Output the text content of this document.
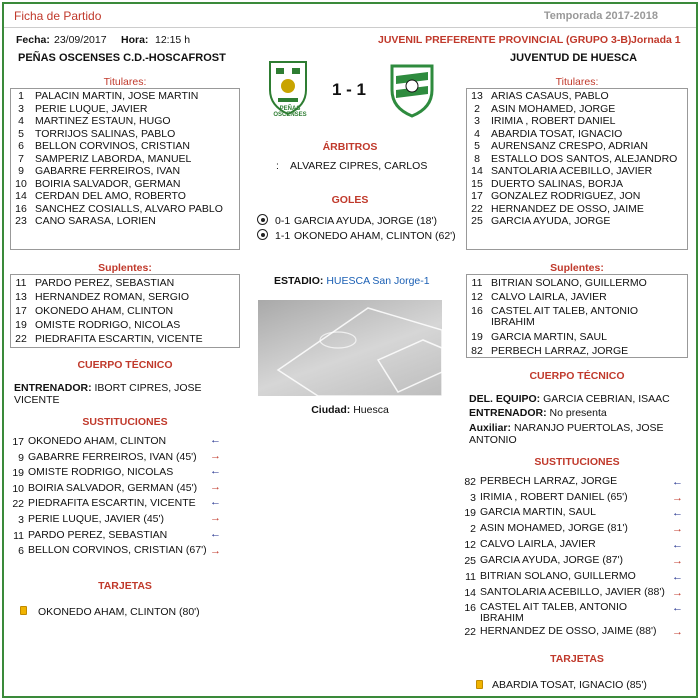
Ficha de Partido	Temporada 2017-2018
Fecha: 23/09/2017 Hora: 12:15 h	JUVENIL PREFERENTE PROVINCIAL (GRUPO 3-B) Jornada 1
PEÑAS OSCENSES C.D.-HOSCAFROST	JUVENTUD DE HUESCA
PEÑAS OSCENSES
1 - 1
Titulares:
1	PALACIN MARTIN, JOSE MARTIN
3	PERIE LUQUE, JAVIER
4	MARTINEZ ESTAUN, HUGO
5	TORRIJOS SALINAS, PABLO
6	BELLON CORVINOS, CRISTIAN
7	SAMPERIZ LABORDA, MANUEL
9	GABARRE FERREIROS, IVAN
10 BOIRIA SALVADOR, GERMAN
14 CERDAN DEL AMO, ROBERTO
16 SANCHEZ COSIALLS, ALVARO PABLO
23 CANO SARASA, LORIEN
Suplentes:
11 PARDO PEREZ, SEBASTIAN
13 HERNANDEZ ROMAN, SERGIO
17 OKONEDO AHAM, CLINTON
19 OMISTE RODRIGO, NICOLAS
22 PIEDRAFITA ESCARTIN, VICENTE
CUERPO TÉCNICO
ENTRENADOR: IBORT CIPRES, JOSE VICENTE
SUSTITUCIONES
17 OKONEDO AHAM, CLINTON	←
9 GABARRE FERREIROS, IVAN (45')	→
19 OMISTE RODRIGO, NICOLAS	←
10 BOIRIA SALVADOR, GERMAN (45')	→
22 PIEDRAFITA ESCARTIN, VICENTE	←
3 PERIE LUQUE, JAVIER (45')	→
11 PARDO PEREZ, SEBASTIAN	←
6 BELLON CORVINOS, CRISTIAN (67') →
TARJETAS
OKONEDO AHAM, CLINTON (80')
ÁRBITROS
:    ALVAREZ CIPRES, CARLOS
GOLES
0-1 GARCIA AYUDA, JORGE (18')
1-1 OKONEDO AHAM, CLINTON (62')
ESTADIO: HUESCA San Jorge-1
Ciudad: Huesca
Titulares:
13 ARIAS CASAUS, PABLO
2	ASIN MOHAMED, JORGE
3	IRIMIA , ROBERT DANIEL
4	ABARDIA TOSAT, IGNACIO
5	AURENSANZ CRESPO, ADRIAN
8	ESTALLO DOS SANTOS, ALEJANDRO
14 SANTOLARIA ACEBILLO, JAVIER
15 DUERTO SALINAS, BORJA
17 GONZALEZ RODRIGUEZ, JON
22 HERNANDEZ DE OSSO, JAIME
25 GARCIA AYUDA, JORGE
Suplentes:
11 BITRIAN SOLANO, GUILLERMO
12 CALVO LAIRLA, JAVIER
16 CASTEL AIT TALEB, ANTONIO IBRAHIM
19 GARCIA MARTIN, SAUL
82 PERBECH LARRAZ, JORGE
CUERPO TÉCNICO
DEL. EQUIPO: GARCIA CEBRIAN, ISAAC
ENTRENADOR: No presenta
Auxiliar: NARANJO PUERTOLAS, JOSE ANTONIO
SUSTITUCIONES
82 PERBECH LARRAZ, JORGE	←
3 IRIMIA , ROBERT DANIEL (65')	→
19 GARCIA MARTIN, SAUL	←
2 ASIN MOHAMED, JORGE (81')	→
12 CALVO LAIRLA, JAVIER	←
25 GARCIA AYUDA, JORGE (87')	→
11 BITRIAN SOLANO, GUILLERMO	←
14 SANTOLARIA ACEBILLO, JAVIER (88') →
16 CASTEL AIT TALEB, ANTONIO IBRAHIM
←
22 HERNANDEZ DE OSSO, JAIME (88')	→
TARJETAS
ABARDIA TOSAT, IGNACIO (85')
